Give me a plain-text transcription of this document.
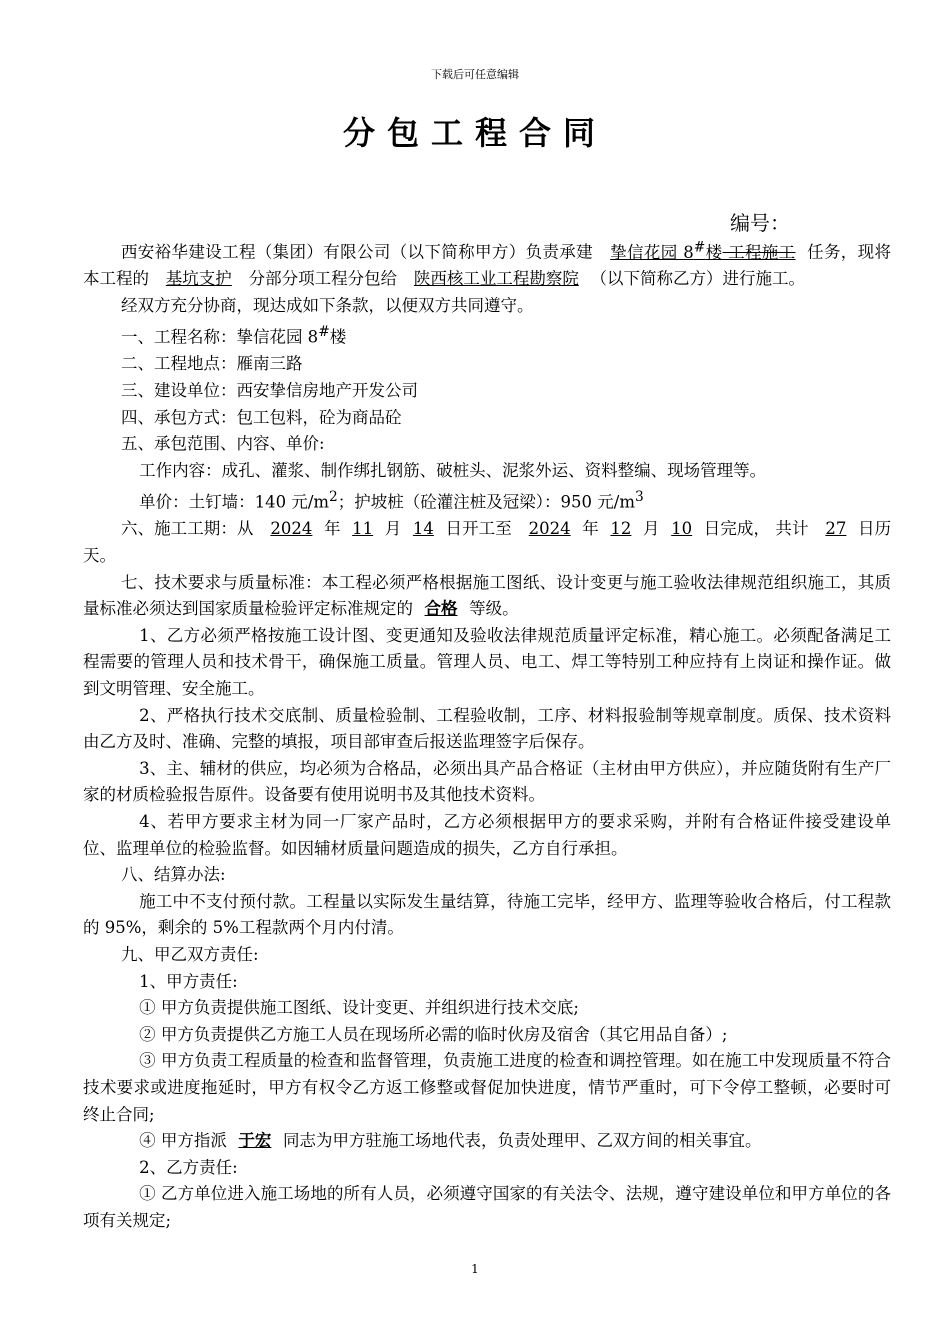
下载后可任意编辑
分包工程合同
编号：

西安裕华建设工程（集团）有限公司（以下简称甲方）负责承建 挚信花园 8#楼 工程施工 任务，现将本工程的 基坑支护 分部分项工程分包给 陕西核工业工程勘察院 （以下简称乙方）进行施工。

经双方充分协商，现达成如下条款，以便双方共同遵守。

一、工程名称：挚信花园 8#楼

二、工程地点：雁南三路

三、建设单位：西安挚信房地产开发公司

四、承包方式：包工包料，砼为商品砼

五、承包范围、内容、单价:

工作内容：成孔、灌浆、制作绑扎钢筋、破桩头、泥浆外运、资料整编、现场管理等。

单价：土钉墙：140 元$/m^2$；护坡桩（砼灌注桩及冠梁）：950 元$/m^3$

六、施工工期：从 2024 年 11 月 14 日开工至 2024 年 12 月 10 日完成， 共计 27 日历天。

七、技术要求与质量标准：本工程必须严格根据施工图纸、设计变更与施工验收法律规范组织施工，其质量标准必须达到国家质量检验评定标准规定的 合格 等级。

1、乙方必须严格按施工设计图、变更通知及验收法律规范质量评定标准，精心施工。必须配备满足工程需要的管理人员和技术骨干，确保施工质量。管理人员、电工、焊工等特别工种应持有上岗证和操作证。做到文明管理、安全施工。

2、严格执行技术交底制、质量检验制、工程验收制，工序、材料报验制等规章制度。质保、技术资料由乙方及时、准确、完整的填报，项目部审查后报送监理签字后保存。

3、主、辅材的供应，均必须为合格品，必须出具产品合格证（主材由甲方供应），并应随货附有生产厂家的材质检验报告原件。设备要有使用说明书及其他技术资料。

4、若甲方要求主材为同一厂家产品时，乙方必须根据甲方的要求采购，并附有合格证件接受建设单位、监理单位的检验监督。如因辅材质量问题造成的损失，乙方自行承担。

八、结算办法:

施工中不支付预付款。工程量以实际发生量结算，待施工完毕，经甲方、监理等验收合格后，付工程款的 95%，剩余的 5%工程款两个月内付清。

九、甲乙双方责任:

1、甲方责任:

① 甲方负责提供施工图纸、设计变更、并组织进行技术交底;

② 甲方负责提供乙方施工人员在现场所必需的临时伙房及宿舍（其它用品自备）;

③ 甲方负责工程质量的检查和监督管理，负责施工进度的检查和调控管理。如在施工中发现质量不符合技术要求或进度拖延时，甲方有权令乙方返工修整或督促加快进度，情节严重时，可下令停工整顿，必要时可终止合同;

④ 甲方指派 于宏 同志为甲方驻施工场地代表，负责处理甲、乙双方间的相关事宜。

2、乙方责任:

① 乙方单位进入施工场地的所有人员，必须遵守国家的有关法令、法规，遵守建设单位和甲方单位的各项有关规定;

1
